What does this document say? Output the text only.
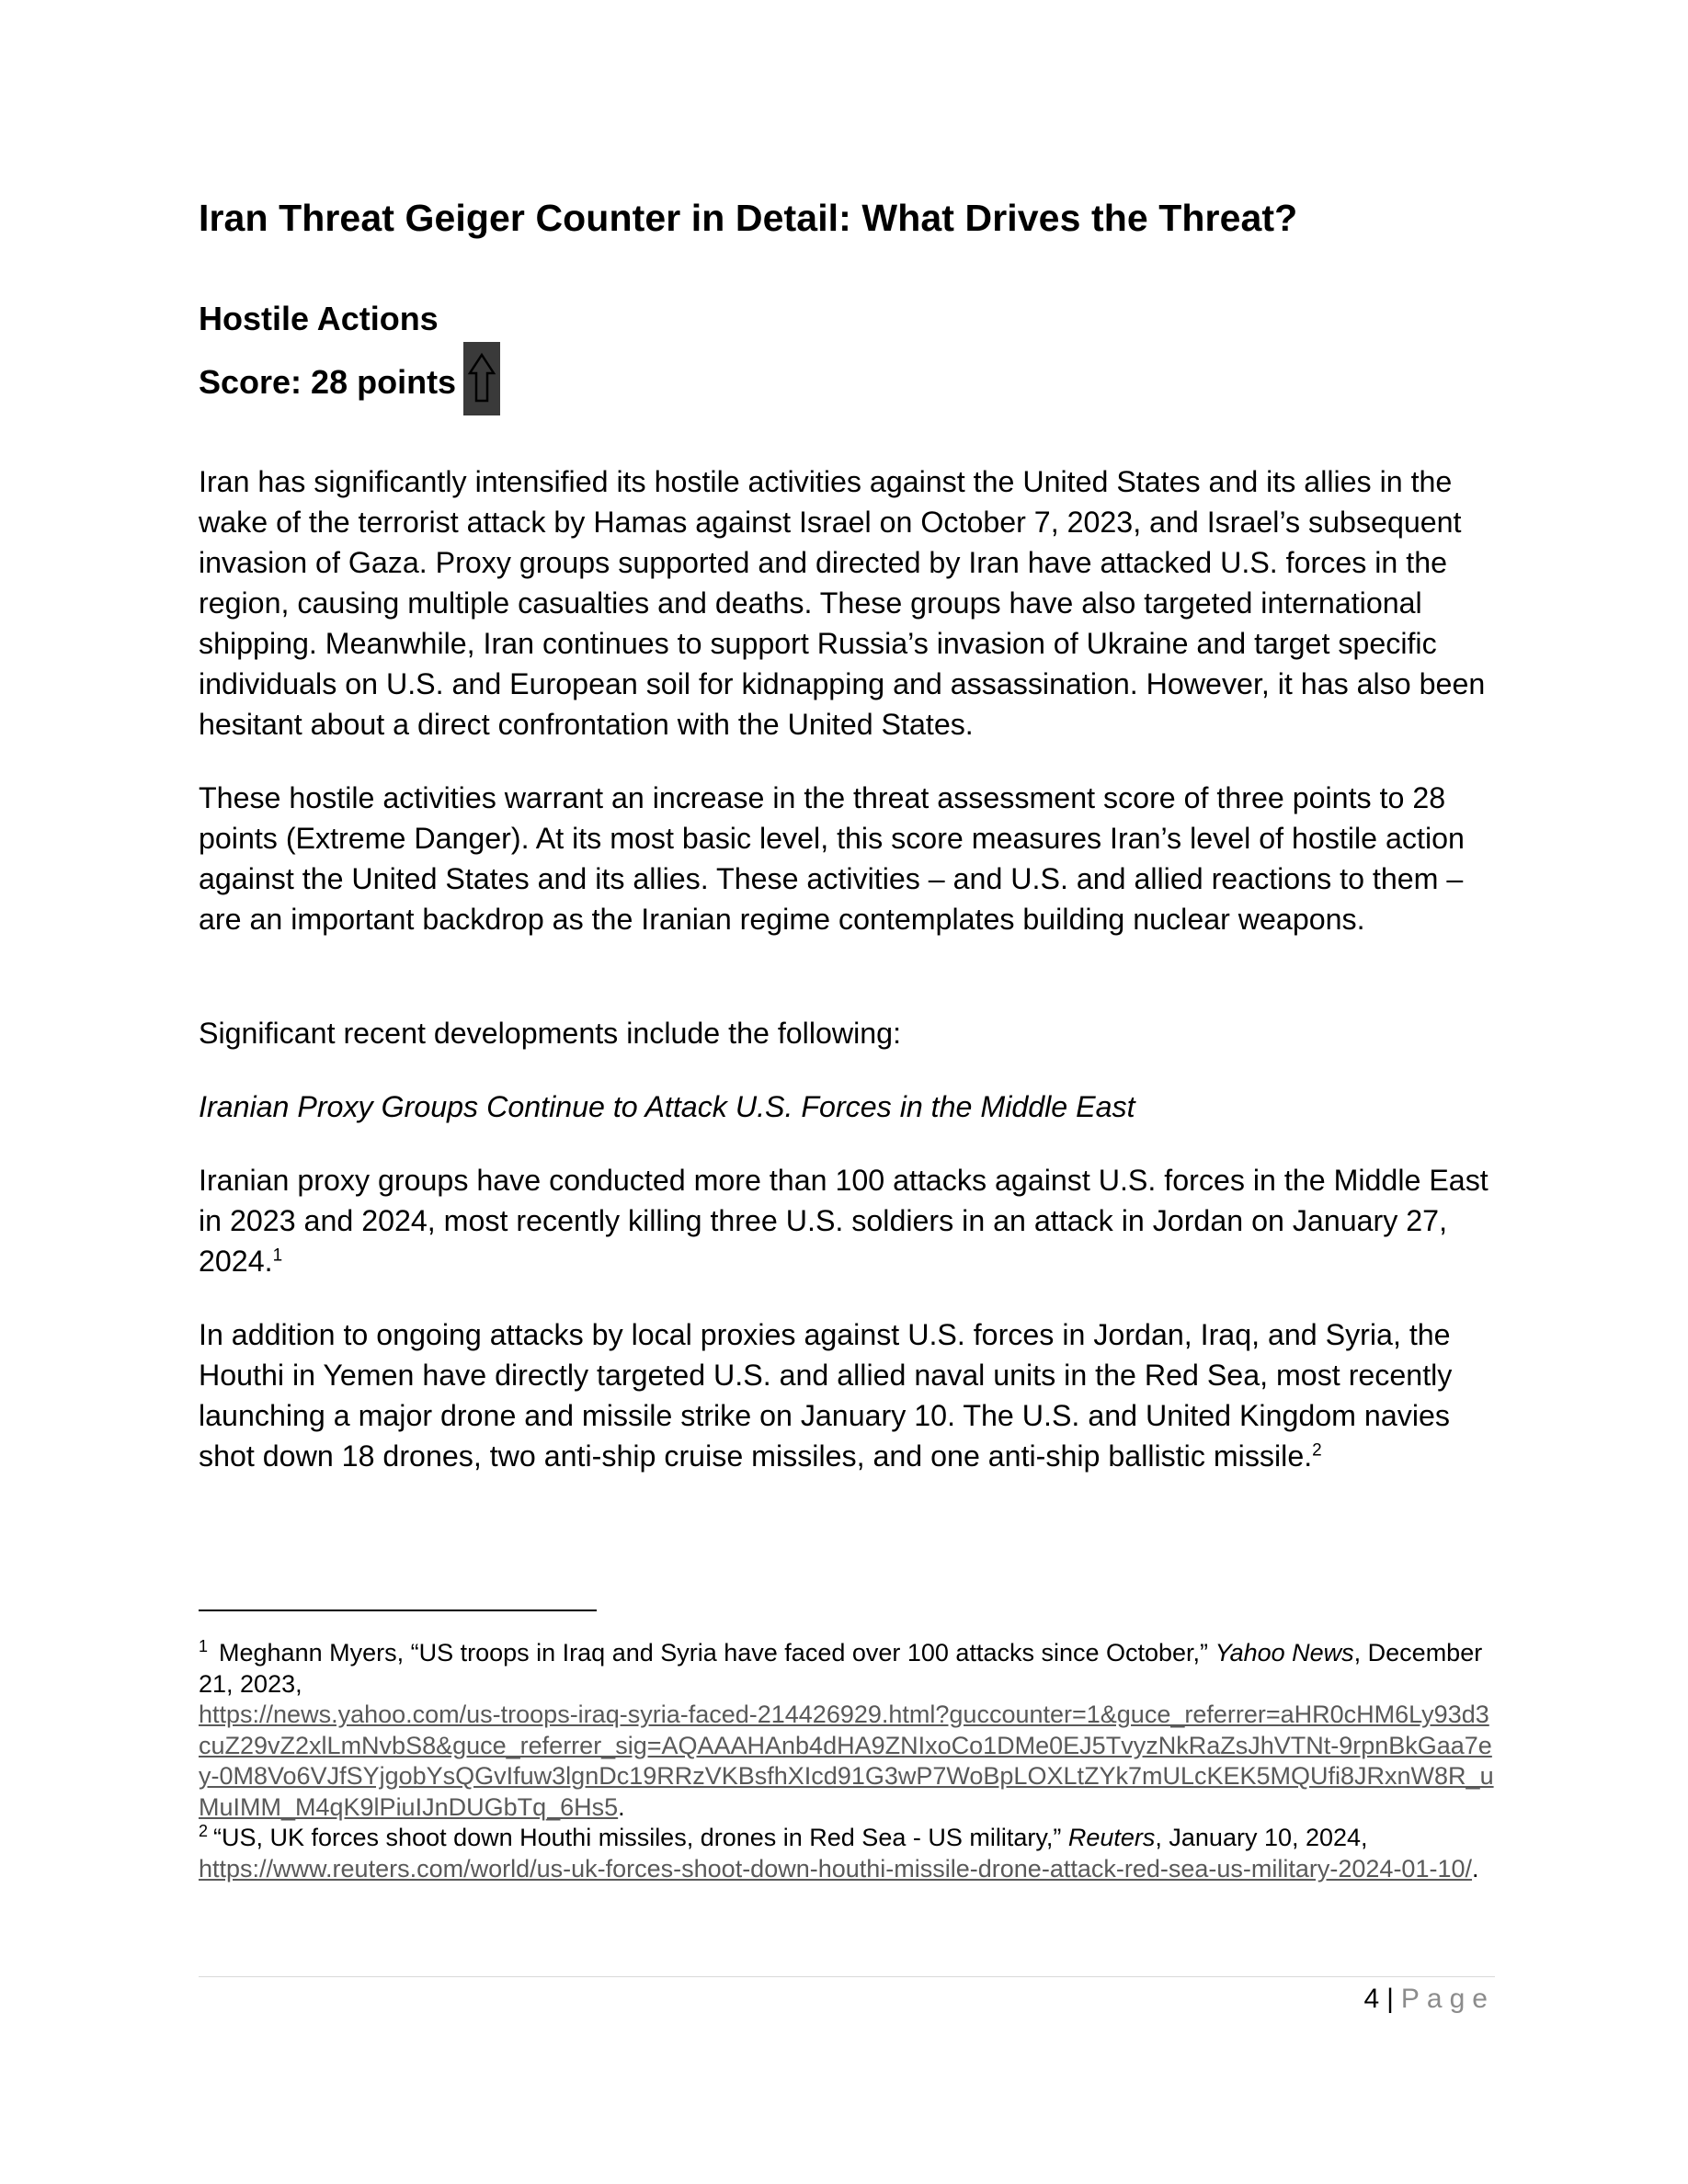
Iran Threat Geiger Counter in Detail: What Drives the Threat?
Hostile Actions
Score: 28 points

Iran has significantly intensified its hostile activities against the United States and its allies in the wake of the terrorist attack by Hamas against Israel on October 7, 2023, and Israel’s subsequent invasion of Gaza. Proxy groups supported and directed by Iran have attacked U.S. forces in the region, causing multiple casualties and deaths. These groups have also targeted international shipping. Meanwhile, Iran continues to support Russia’s invasion of Ukraine and target specific individuals on U.S. and European soil for kidnapping and assassination. However, it has also been hesitant about a direct confrontation with the United States.

These hostile activities warrant an increase in the threat assessment score of three points to 28 points (Extreme Danger). At its most basic level, this score measures Iran’s level of hostile action against the United States and its allies. These activities – and U.S. and allied reactions to them – are an important backdrop as the Iranian regime contemplates building nuclear weapons.

Significant recent developments include the following:

Iranian Proxy Groups Continue to Attack U.S. Forces in the Middle East

Iranian proxy groups have conducted more than 100 attacks against U.S. forces in the Middle East in 2023 and 2024, most recently killing three U.S. soldiers in an attack in Jordan on January 27, 2024.$^1$

In addition to ongoing attacks by local proxies against U.S. forces in Jordan, Iraq, and Syria, the Houthi in Yemen have directly targeted U.S. and allied naval units in the Red Sea, most recently launching a major drone and missile strike on January 10. The U.S. and United Kingdom navies shot down 18 drones, two anti-ship cruise missiles, and one anti-ship ballistic missile.$^2$

$^1$ Meghann Myers, “US troops in Iraq and Syria have faced over 100 attacks since October,” Yahoo News, December 21, 2023,
https://news.yahoo.com/us-troops-iraq-syria-faced-214426929.html?guccounter=1&guce_referrer=aHR0cHM6Ly93d3cuZ29vZ2xlLmNvbS8&guce_referrer_sig=AQAAAHAnb4dHA9ZNIxoCo1DMe0EJ5TvyzNkRaZsJhVTNt-9rpnBkGaa7ey-0M8Vo6VJfSYjgobYsQGvIfuw3lgnDc19RRzVKBsfhXIcd91G3wP7WoBpLOXLtZYk7mULcKEK5MQUfi8JRxnW8R_uMuIMM_M4qK9lPiuIJnDUGbTq_6Hs5.

$^2$ “US, UK forces shoot down Houthi missiles, drones in Red Sea - US military,” Reuters, January 10, 2024,
https://www.reuters.com/world/us-uk-forces-shoot-down-houthi-missile-drone-attack-red-sea-us-military-2024-01-10/.

4 | Page
